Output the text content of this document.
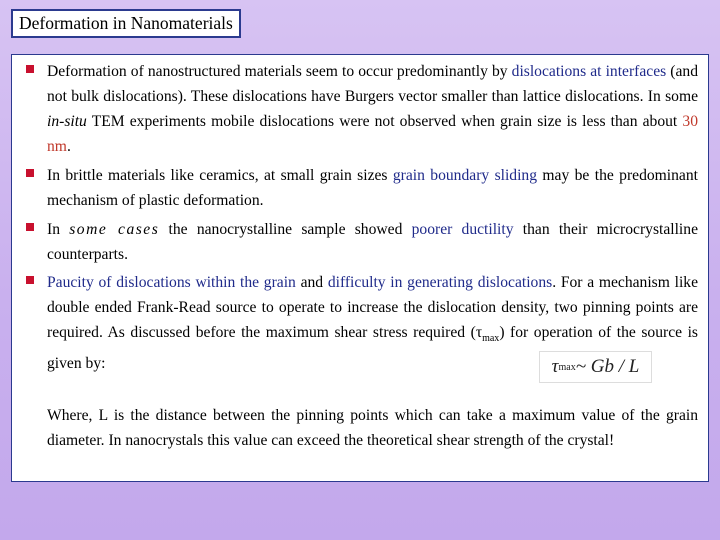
Deformation in Nanomaterials
Deformation of nanostructured materials seem to occur predominantly by dislocations at interfaces (and not bulk dislocations). These dislocations have Burgers vector smaller than lattice dislocations. In some in-situ TEM experiments mobile dislocations were not observed when grain size is less than about 30 nm.
In brittle materials like ceramics, at small grain sizes grain boundary sliding may be the predominant mechanism of plastic deformation.
In some cases the nanocrystalline sample showed poorer ductility than their microcrystalline counterparts.
Paucity of dislocations within the grain and difficulty in generating dislocations. For a mechanism like double ended Frank-Read source to operate to increase the dislocation density, two pinning points are required. As discussed before the maximum shear stress required $(\tau_{max})$ for operation of the source is given by:	τ max ~ Gb / L
Where, L is the distance between the pinning points which can take a maximum value of the grain diameter. In nanocrystals this value can exceed the theoretical shear strength of the crystal!
